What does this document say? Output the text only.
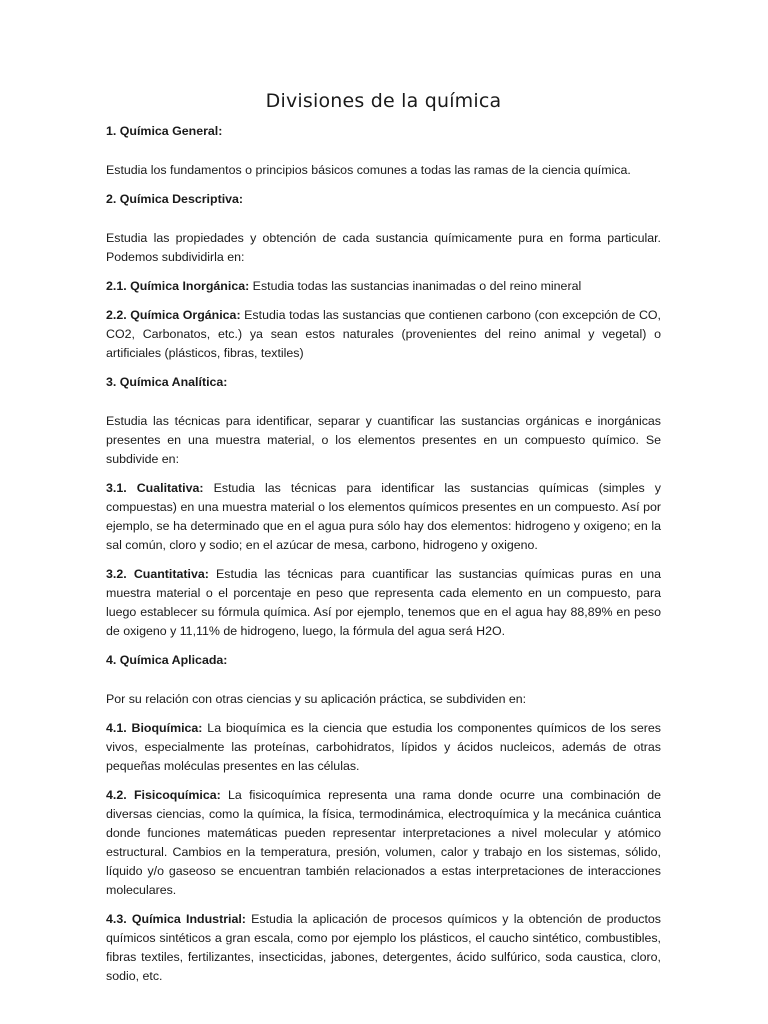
Divisiones de la química
1. Química General:

Estudia los fundamentos o principios básicos comunes a todas las ramas de la ciencia química.

2. Química Descriptiva:

Estudia las propiedades y obtención de cada sustancia químicamente pura en forma particular. Podemos subdividirla en:

2.1. Química Inorgánica: Estudia todas las sustancias inanimadas o del reino mineral

2.2. Química Orgánica: Estudia todas las sustancias que contienen carbono (con excepción de CO, CO2, Carbonatos, etc.) ya sean estos naturales (provenientes del reino animal y vegetal) o artificiales (plásticos, fibras, textiles)

3. Química Analítica:

Estudia las técnicas para identificar, separar y cuantificar las sustancias orgánicas e inorgánicas presentes en una muestra material, o los elementos presentes en un compuesto químico. Se subdivide en:

3.1. Cualitativa: Estudia las técnicas para identificar las sustancias químicas (simples y compuestas) en una muestra material o los elementos químicos presentes en un compuesto. Así por ejemplo, se ha determinado que en el agua pura sólo hay dos elementos: hidrogeno y oxigeno; en la sal común, cloro y sodio; en el azúcar de mesa, carbono, hidrogeno y oxigeno.

3.2. Cuantitativa: Estudia las técnicas para cuantificar las sustancias químicas puras en una muestra material o el porcentaje en peso que representa cada elemento en un compuesto, para luego establecer su fórmula química. Así por ejemplo, tenemos que en el agua hay 88,89% en peso de oxigeno y 11,11% de hidrogeno, luego, la fórmula del agua será H2O.

4. Química Aplicada:

Por su relación con otras ciencias y su aplicación práctica, se subdividen en:

4.1. Bioquímica: La bioquímica es la ciencia que estudia los componentes químicos de los seres vivos, especialmente las proteínas, carbohidratos, lípidos y ácidos nucleicos, además de otras pequeñas moléculas presentes en las células.

4.2. Fisicoquímica: La fisicoquímica representa una rama donde ocurre una combinación de diversas ciencias, como la química, la física, termodinámica, electroquímica y la mecánica cuántica donde funciones matemáticas pueden representar interpretaciones a nivel molecular y atómico estructural. Cambios en la temperatura, presión, volumen, calor y trabajo en los sistemas, sólido, líquido y/o gaseoso se encuentran también relacionados a estas interpretaciones de interacciones moleculares.

4.3. Química Industrial: Estudia la aplicación de procesos químicos y la obtención de productos químicos sintéticos a gran escala, como por ejemplo los plásticos, el caucho sintético, combustibles, fibras textiles, fertilizantes, insecticidas, jabones, detergentes, ácido sulfúrico, soda caustica, cloro, sodio, etc.
